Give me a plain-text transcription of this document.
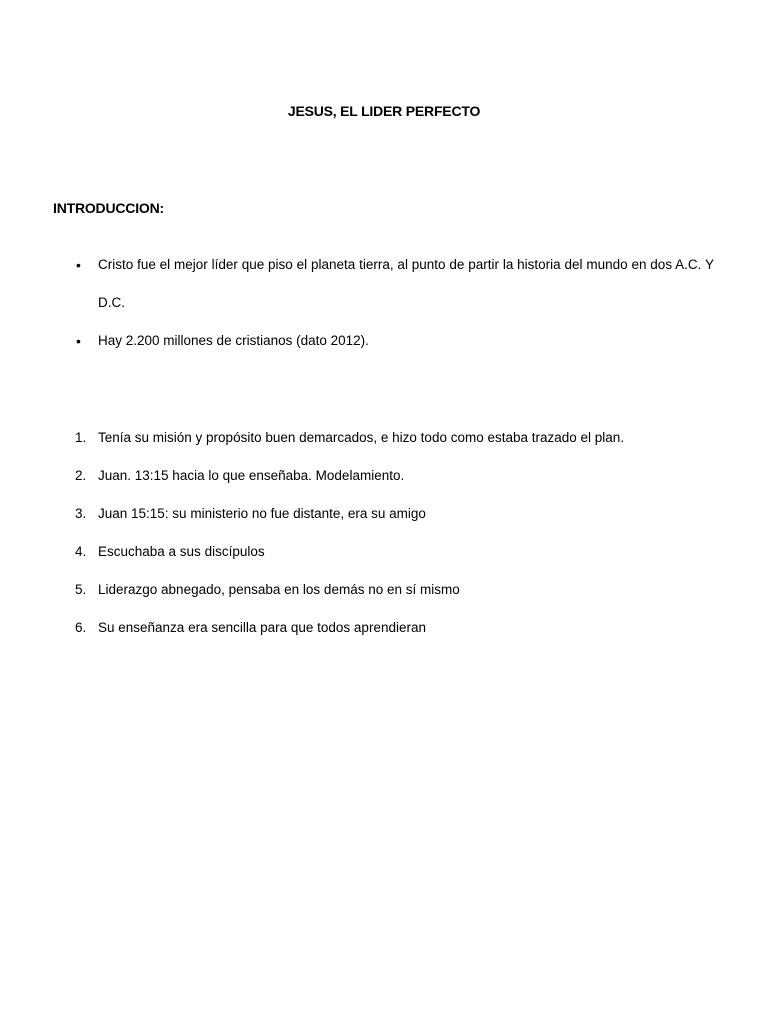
JESUS, EL LIDER PERFECTO
INTRODUCCION:
• Cristo fue el mejor líder que piso el planeta tierra, al punto de partir la historia del mundo en dos A.C. Y D.C.
• Hay 2.200 millones de cristianos (dato 2012).
1. Tenía su misión y propósito buen demarcados, e hizo todo como estaba trazado el plan.
2. Juan. 13:15 hacia lo que enseñaba. Modelamiento.
3. Juan 15:15: su ministerio no fue distante, era su amigo
4. Escuchaba a sus discípulos
5. Liderazgo abnegado, pensaba en los demás no en sí mismo
6. Su enseñanza era sencilla para que todos aprendieran
